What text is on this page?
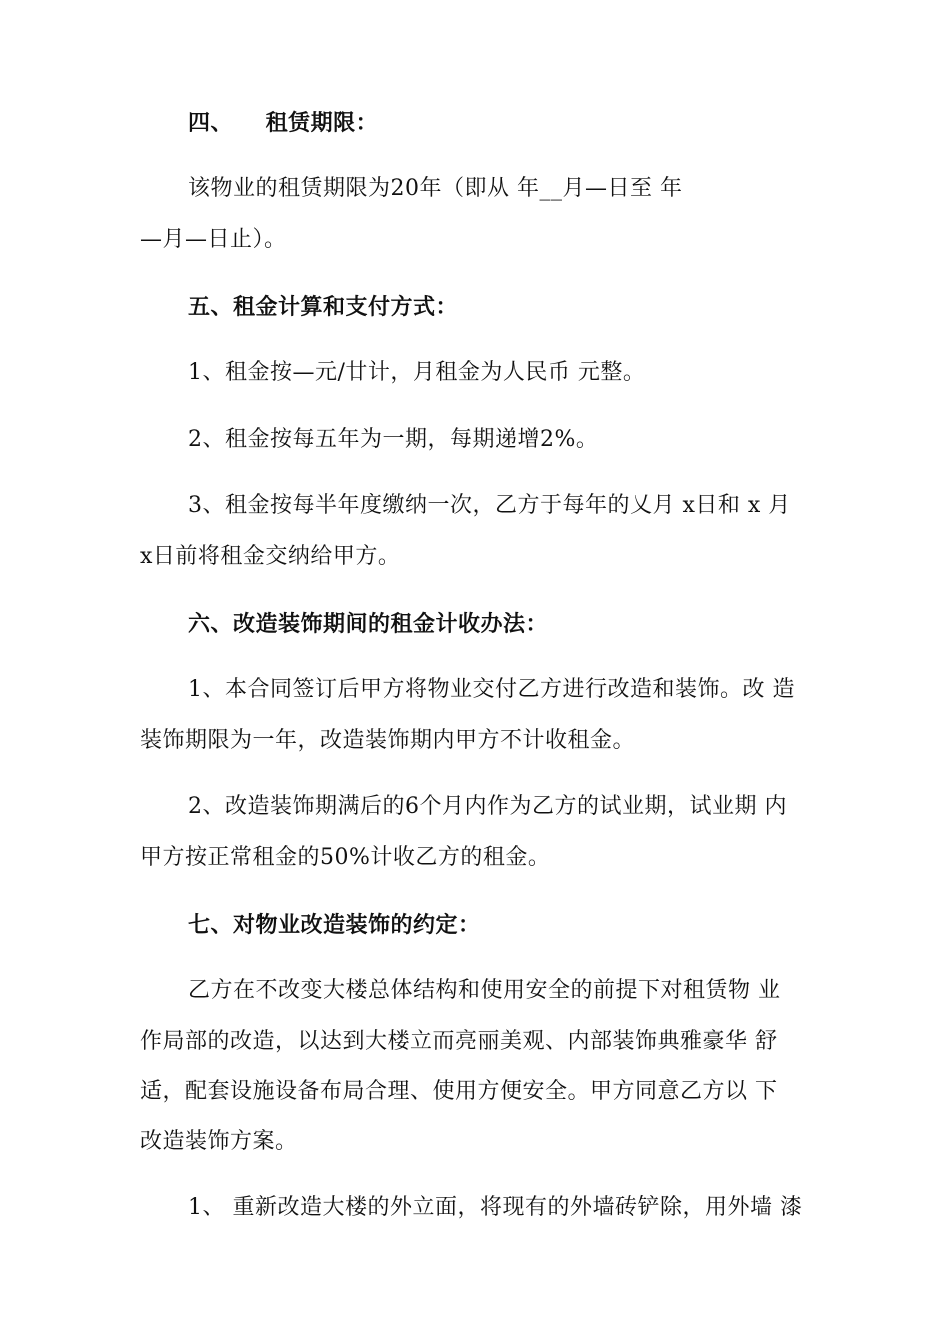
四、    租赁期限：
该物业的租赁期限为20年（即从 年__月—日至 年
—月—日止）。
五、租金计算和支付方式：
1、租金按—元/廿计，月租金为人民币 元整。
2、租金按每五年为一期，每期递增2%。
3、租金按每半年度缴纳一次，乙方于每年的乂月 x日和 x 月
x日前将租金交纳给甲方。
六、改造装饰期间的租金计收办法：
1、本合同签订后甲方将物业交付乙方进行改造和装饰。改 造
装饰期限为一年，改造装饰期内甲方不计收租金。
2、改造装饰期满后的6个月内作为乙方的试业期，试业期 内
甲方按正常租金的50%计收乙方的租金。
七、对物业改造装饰的约定：
乙方在不改变大楼总体结构和使用安全的前提下对租赁物 业
作局部的改造，以达到大楼立而亮丽美观、内部装饰典雅豪华 舒
适，配套设施设备布局合理、使用方便安全。甲方同意乙方以 下
改造装饰方案。
1、 重新改造大楼的外立面，将现有的外墙砖铲除，用外墙 漆
